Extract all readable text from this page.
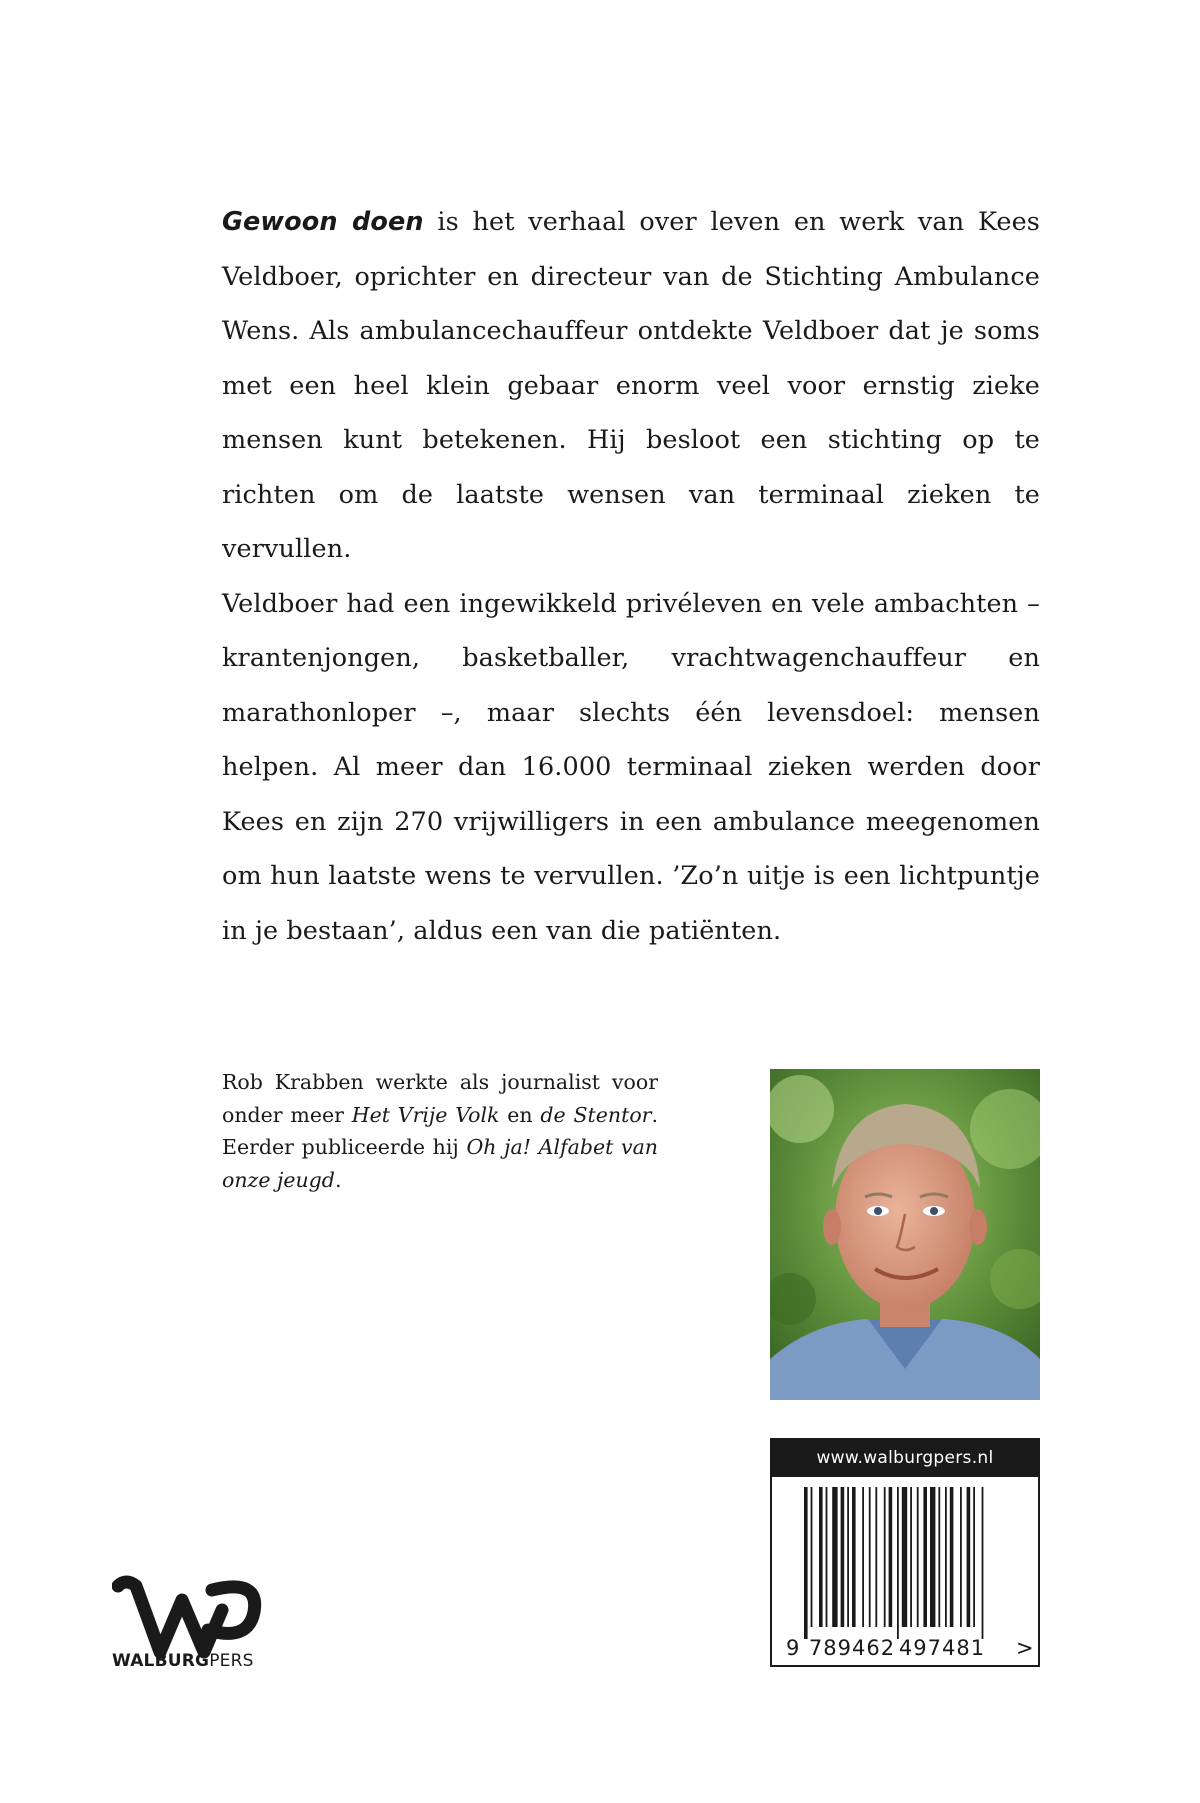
Gewoon doen is het verhaal over leven en werk van Kees Veldboer, oprichter en directeur van de Stichting Ambulance Wens. Als ambulancechauffeur ontdekte Veldboer dat je soms met een heel klein gebaar enorm veel voor ernstig zieke mensen kunt betekenen. Hij besloot een stichting op te richten om de laatste wensen van terminaal zieken te vervullen.

Veldboer had een ingewikkeld privéleven en vele ambachten – krantenjongen, basketballer, vrachtwagenchauffeur en marathonloper –, maar slechts één levensdoel: mensen helpen. Al meer dan 16.000 terminaal zieken werden door Kees en zijn 270 vrijwilligers in een ambulance meegenomen om hun laatste wens te vervullen. ’Zo’n uitje is een lichtpuntje in je bestaan’, aldus een van die patiënten.

Rob Krabben werkte als journalist voor onder meer Het Vrije Volk en de Stentor. Eerder publiceerde hij Oh ja! Alfabet van onze jeugd.

www.walburgpers.nl
9 789462 497481 >
WALBURGPERS
